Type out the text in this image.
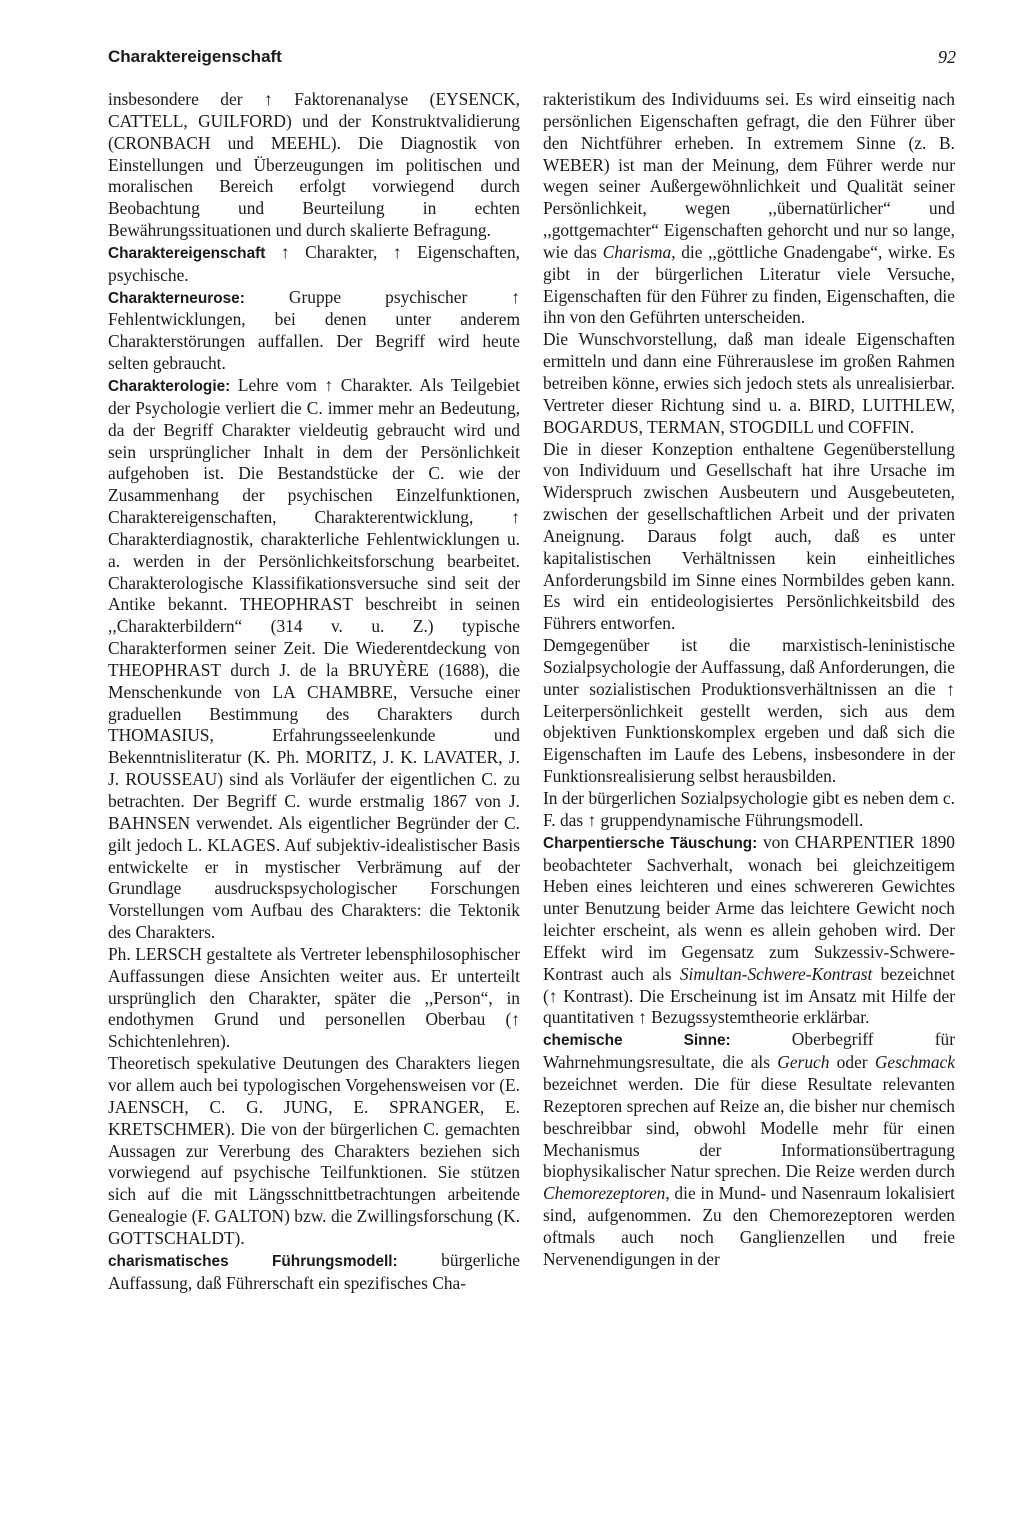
Charaktereigenschaft	92

insbesondere der ↑ Faktorenanalyse (EYSENCK, CATTELL, GUILFORD) und der Konstruktvalidierung (CRONBACH und MEEHL). Die Diagnostik von Einstellungen und Überzeugungen im politischen und moralischen Bereich erfolgt vorwiegend durch Beobachtung und Beurteilung in echten Bewährungssituationen und durch skalierte Befragung.

Charaktereigenschaft ↑ Charakter, ↑ Eigenschaften, psychische.

Charakterneurose: Gruppe psychischer ↑ Fehlentwicklungen, bei denen unter anderem Charakterstörungen auffallen. Der Begriff wird heute selten gebraucht.

Charakterologie: Lehre vom ↑ Charakter. Als Teilgebiet der Psychologie verliert die C. immer mehr an Bedeutung, da der Begriff Charakter vieldeutig gebraucht wird und sein ursprünglicher Inhalt in dem der Persönlichkeit aufgehoben ist. Die Bestandstücke der C. wie der Zusammenhang der psychischen Einzelfunktionen, Charaktereigenschaften, Charakterentwicklung, ↑ Charakterdiagnostik, charakterliche Fehlentwicklungen u. a. werden in der Persönlichkeitsforschung bearbeitet. Charakterologische Klassifikationsversuche sind seit der Antike bekannt. THEOPHRAST beschreibt in seinen ,,Charakterbildern“ (314 v. u. Z.) typische Charakterformen seiner Zeit. Die Wiederentdeckung von THEOPHRAST durch J. de la BRUYÈRE (1688), die Menschenkunde von LA CHAMBRE, Versuche einer graduellen Bestimmung des Charakters durch THOMASIUS, Erfahrungsseelenkunde und Bekenntnisliteratur (K. Ph. MORITZ, J. K. LAVATER, J. J. ROUSSEAU) sind als Vorläufer der eigentlichen C. zu betrachten. Der Begriff C. wurde erstmalig 1867 von J. BAHNSEN verwendet. Als eigentlicher Begründer der C. gilt jedoch L. KLAGES. Auf subjektiv-idealistischer Basis entwickelte er in mystischer Verbrämung auf der Grundlage ausdruckspsychologischer Forschungen Vorstellungen vom Aufbau des Charakters: die Tektonik des Charakters.

Ph. LERSCH gestaltete als Vertreter lebensphilosophischer Auffassungen diese Ansichten weiter aus. Er unterteilt ursprünglich den Charakter, später die ,,Person“, in endothymen Grund und personellen Oberbau (↑ Schichtenlehren).

Theoretisch spekulative Deutungen des Charakters liegen vor allem auch bei typologischen Vorgehensweisen vor (E. JAENSCH, C. G. JUNG, E. SPRANGER, E. KRETSCHMER). Die von der bürgerlichen C. gemachten Aussagen zur Vererbung des Charakters beziehen sich vorwiegend auf psychische Teilfunktionen. Sie stützen sich auf die mit Längsschnittbetrachtungen arbeitende Genealogie (F. GALTON) bzw. die Zwillingsforschung (K. GOTTSCHALDT).

charismatisches Führungsmodell: bürgerliche Auffassung, daß Führerschaft ein spezifisches Cha-

rakteristikum des Individuums sei. Es wird einseitig nach persönlichen Eigenschaften gefragt, die den Führer über den Nichtführer erheben. In extremem Sinne (z. B. WEBER) ist man der Meinung, dem Führer werde nur wegen seiner Außergewöhnlichkeit und Qualität seiner Persönlichkeit, wegen ,,übernatürlicher“ und ,,gottgemachter“ Eigenschaften gehorcht und nur so lange, wie das Charisma, die ,,göttliche Gnadengabe“, wirke. Es gibt in der bürgerlichen Literatur viele Versuche, Eigenschaften für den Führer zu finden, Eigenschaften, die ihn von den Geführten unterscheiden.

Die Wunschvorstellung, daß man ideale Eigenschaften ermitteln und dann eine Führerauslese im großen Rahmen betreiben könne, erwies sich jedoch stets als unrealisierbar. Vertreter dieser Richtung sind u. a. BIRD, LUITHLEW, BOGARDUS, TERMAN, STOGDILL und COFFIN.

Die in dieser Konzeption enthaltene Gegenüberstellung von Individuum und Gesellschaft hat ihre Ursache im Widerspruch zwischen Ausbeutern und Ausgebeuteten, zwischen der gesellschaftlichen Arbeit und der privaten Aneignung. Daraus folgt auch, daß es unter kapitalistischen Verhältnissen kein einheitliches Anforderungsbild im Sinne eines Normbildes geben kann. Es wird ein entideologisiertes Persönlichkeitsbild des Führers entworfen.

Demgegenüber ist die marxistisch-leninistische Sozialpsychologie der Auffassung, daß Anforderungen, die unter sozialistischen Produktionsverhältnissen an die ↑ Leiterpersönlichkeit gestellt werden, sich aus dem objektiven Funktionskomplex ergeben und daß sich die Eigenschaften im Laufe des Lebens, insbesondere in der Funktionsrealisierung selbst herausbilden.

In der bürgerlichen Sozialpsychologie gibt es neben dem c. F. das ↑ gruppendynamische Führungsmodell.

Charpentiersche Täuschung: von CHARPENTIER 1890 beobachteter Sachverhalt, wonach bei gleichzeitigem Heben eines leichteren und eines schwereren Gewichtes unter Benutzung beider Arme das leichtere Gewicht noch leichter erscheint, als wenn es allein gehoben wird. Der Effekt wird im Gegensatz zum Sukzessiv-Schwere-Kontrast auch als Simultan-Schwere-Kontrast bezeichnet (↑ Kontrast). Die Erscheinung ist im Ansatz mit Hilfe der quantitativen ↑ Bezugssystemtheorie erklärbar.

chemische Sinne: Oberbegriff für Wahrnehmungsresultate, die als Geruch oder Geschmack bezeichnet werden. Die für diese Resultate relevanten Rezeptoren sprechen auf Reize an, die bisher nur chemisch beschreibbar sind, obwohl Modelle mehr für einen Mechanismus der Informationsübertragung biophysikalischer Natur sprechen. Die Reize werden durch Chemorezeptoren, die in Mund- und Nasenraum lokalisiert sind, aufgenommen. Zu den Chemorezeptoren werden oftmals auch noch Ganglienzellen und freie Nervenendigungen in der
